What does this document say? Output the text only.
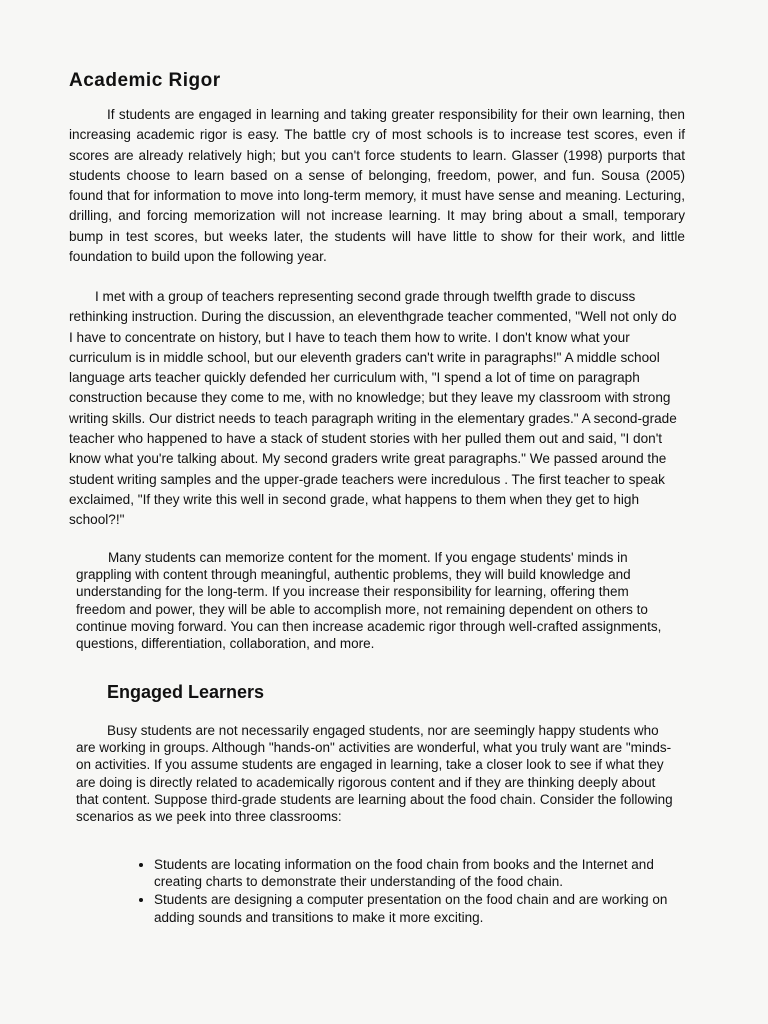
Academic Rigor

If students are engaged in learning and taking greater responsibility for their own learning, then increasing academic rigor is easy. The battle cry of most schools is to increase test scores, even if scores are already relatively high; but you can't force students to learn. Glasser (1998) purports that students choose to learn based on a sense of belonging, freedom, power, and fun. Sousa (2005) found that for information to move into long-term memory, it must have sense and meaning. Lecturing, drilling, and forcing memorization will not increase learning. It may bring about a small, temporary bump in test scores, but weeks later, the students will have little to show for their work, and little foundation to build upon the following year.

I met with a group of teachers representing second grade through twelfth grade to discuss rethinking instruction. During the discussion, an eleventhgrade teacher commented, "Well not only do I have to concentrate on history, but I have to teach them how to write. I don't know what your curriculum is in middle school, but our eleventh graders can't write in paragraphs!" A middle school language arts teacher quickly defended her curriculum with, "I spend a lot of time on paragraph construction because they come to me, with no knowledge; but they leave my classroom with strong writing skills. Our district needs to teach paragraph writing in the elementary grades." A second-grade teacher who happened to have a stack of student stories with her pulled them out and said, "I don't know what you're talking about. My second graders write great paragraphs." We passed around the student writing samples and the upper-grade teachers were incredulous . The first teacher to speak exclaimed, "If they write this well in second grade, what happens to them when they get to high school?!"

Many students can memorize content for the moment. If you engage students' minds in grappling with content through meaningful, authentic problems, they will build knowledge and understanding for the long-term. If you increase their responsibility for learning, offering them freedom and power, they will be able to accomplish more, not remaining dependent on others to continue moving forward. You can then increase academic rigor through well-crafted assignments, questions, differentiation, collaboration, and more.

Engaged Learners

Busy students are not necessarily engaged students, nor are seemingly happy students who are working in groups. Although "hands-on" activities are wonderful, what you truly want are "minds-on activities. If you assume students are engaged in learning, take a closer look to see if what they are doing is directly related to academically rigorous content and if they are thinking deeply about that content. Suppose third-grade students are learning about the food chain. Consider the following scenarios as we peek into three classrooms:

• Students are locating information on the food chain from books and the Internet and creating charts to demonstrate their understanding of the food chain.
• Students are designing a computer presentation on the food chain and are working on adding sounds and transitions to make it more exciting.
